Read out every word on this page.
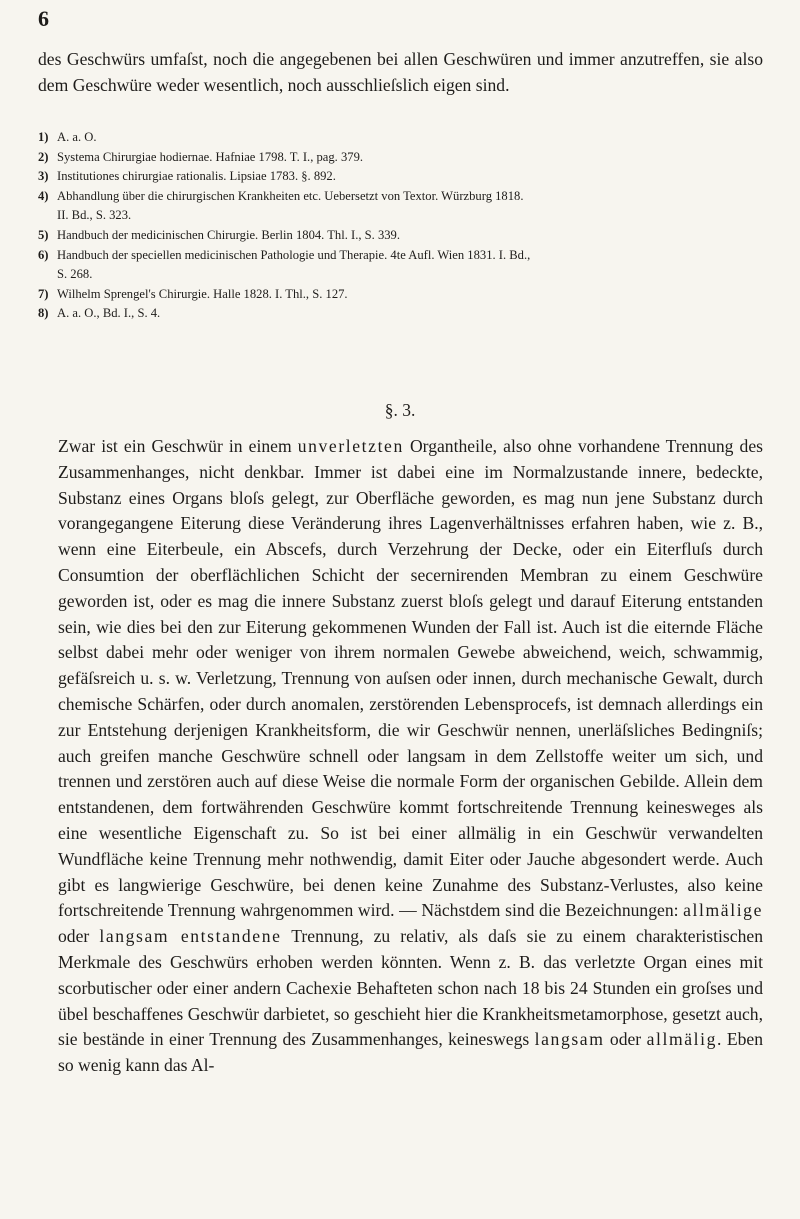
6

des Geschwürs umfaſst, noch die angegebenen bei allen Geschwüren und immer anzutreffen, sie also dem Geschwüre weder wesentlich, noch ausschlieſslich eigen sind.

1) A. a. O.
2) Systema Chirurgiae hodiernae. Hafniae 1798. T. I., pag. 379.
3) Institutiones chirurgiae rationalis. Lipsiae 1783. §. 892.
4) Abhandlung über die chirurgischen Krankheiten etc. Uebersetzt von Textor. Würzburg 1818.
II. Bd., S. 323.
5) Handbuch der medicinischen Chirurgie. Berlin 1804. Thl. I., S. 339.
6) Handbuch der speciellen medicinischen Pathologie und Therapie. 4te Aufl. Wien 1831. I. Bd.,
S. 268.
7) Wilhelm Sprengel's Chirurgie. Halle 1828. I. Thl., S. 127.
8) A. a. O., Bd. I., S. 4.
§. 3.

Zwar ist ein Geschwür in einem unverletzten Organtheile, also ohne vorhandene Trennung des Zusammenhanges, nicht denkbar. Immer ist dabei eine im Normalzustande innere, bedeckte, Substanz eines Organs bloſs gelegt, zur Oberfläche geworden, es mag nun jene Substanz durch vorangegangene Eiterung diese Veränderung ihres Lagenverhältnisses erfahren haben, wie z. B., wenn eine Eiterbeule, ein Abscefs, durch Verzehrung der Decke, oder ein Eiterfluſs durch Consumtion der oberflächlichen Schicht der secernirenden Membran zu einem Geschwüre geworden ist, oder es mag die innere Substanz zuerst bloſs gelegt und darauf Eiterung entstanden sein, wie dies bei den zur Eiterung gekommenen Wunden der Fall ist. Auch ist die eiternde Fläche selbst dabei mehr oder weniger von ihrem normalen Gewebe abweichend, weich, schwammig, gefäſsreich u. s. w. Verletzung, Trennung von auſsen oder innen, durch mechanische Gewalt, durch chemische Schärfen, oder durch anomalen, zerstörenden Lebensprocefs, ist demnach allerdings ein zur Entstehung derjenigen Krankheitsform, die wir Geschwür nennen, unerläſsliches Bedingniſs; auch greifen manche Geschwüre schnell oder langsam in dem Zellstoffe weiter um sich, und trennen und zerstören auch auf diese Weise die normale Form der organischen Gebilde. Allein dem entstandenen, dem fortwährenden Geschwüre kommt fortschreitende Trennung keinesweges als eine wesentliche Eigenschaft zu. So ist bei einer allmälig in ein Geschwür verwandelten Wundfläche keine Trennung mehr nothwendig, damit Eiter oder Jauche abgesondert werde. Auch gibt es langwierige Geschwüre, bei denen keine Zunahme des Substanz-Verlustes, also keine fortschreitende Trennung wahrgenommen wird. — Nächstdem sind die Bezeichnungen: allmälige oder langsam entstandene Trennung, zu relativ, als daſs sie zu einem charakteristischen Merkmale des Geschwürs erhoben werden könnten. Wenn z. B. das verletzte Organ eines mit scorbutischer oder einer andern Cachexie Behafteten schon nach 18 bis 24 Stunden ein groſses und übel beschaffenes Geschwür darbietet, so geschieht hier die Krankheitsmetamorphose, gesetzt auch, sie bestände in einer Trennung des Zusammenhanges, keineswegs langsam oder allmälig. Eben so wenig kann das Al-
